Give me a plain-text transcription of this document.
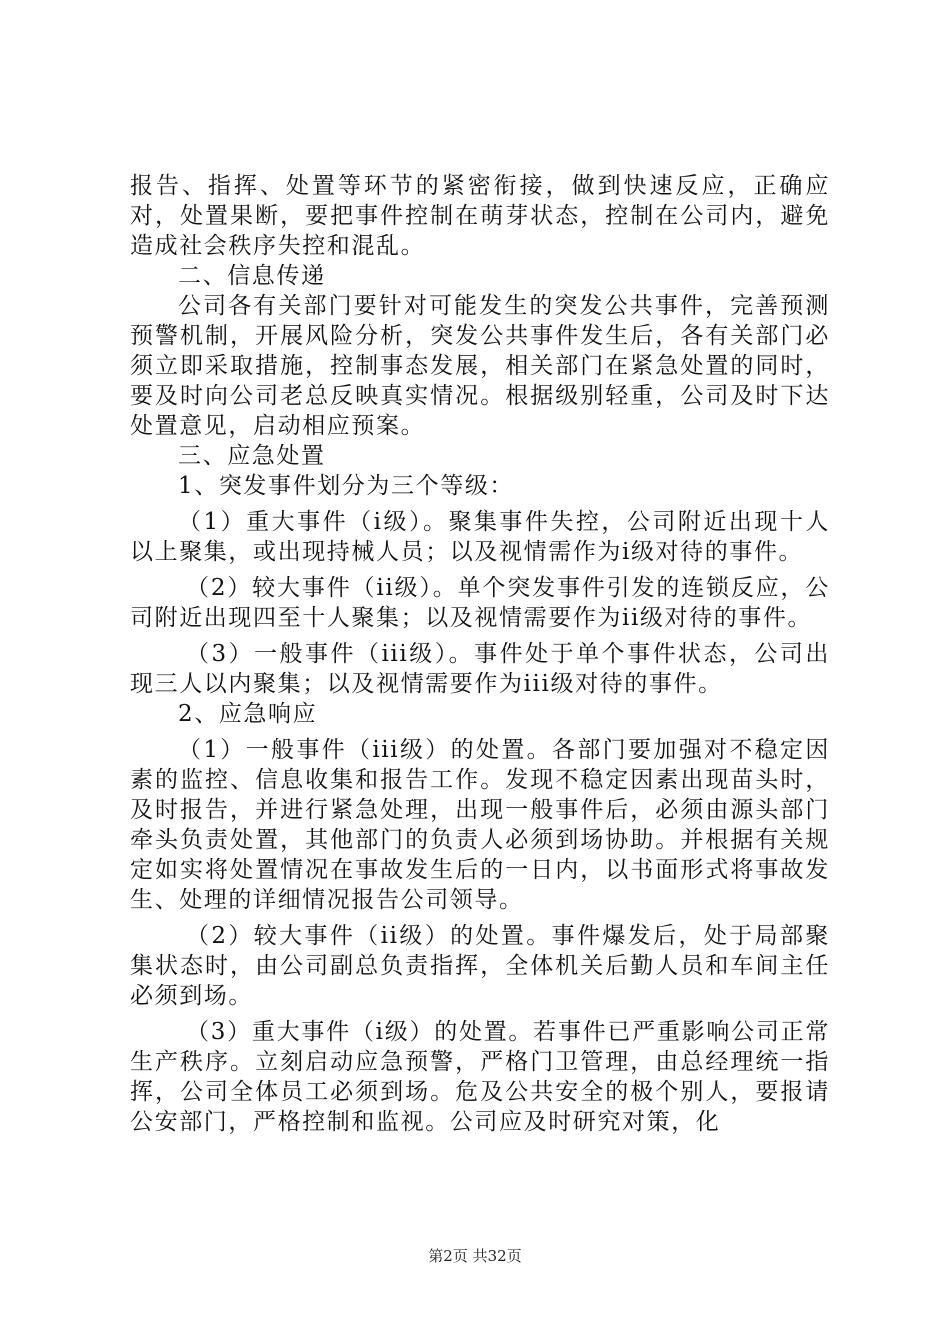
报告、指挥、处置等环节的紧密衔接，做到快速反应，正确应对，处置果断，要把事件控制在萌芽状态，控制在公司内，避免造成社会秩序失控和混乱。

二、信息传递

公司各有关部门要针对可能发生的突发公共事件，完善预测预警机制，开展风险分析，突发公共事件发生后，各有关部门必须立即采取措施，控制事态发展，相关部门在紧急处置的同时，要及时向公司老总反映真实情况。根据级别轻重，公司及时下达处置意见，启动相应预案。

三、应急处置

1、突发事件划分为三个等级：

（1）重大事件（i级）。聚集事件失控，公司附近出现十人以上聚集，或出现持械人员；以及视情需作为i级对待的事件。

（2）较大事件（ii级）。单个突发事件引发的连锁反应，公司附近出现四至十人聚集；以及视情需要作为ii级对待的事件。

（3）一般事件（iii级）。事件处于单个事件状态，公司出现三人以内聚集；以及视情需要作为iii级对待的事件。

2、应急响应

（1）一般事件（iii级）的处置。各部门要加强对不稳定因素的监控、信息收集和报告工作。发现不稳定因素出现苗头时，及时报告，并进行紧急处理，出现一般事件后，必须由源头部门牵头负责处置，其他部门的负责人必须到场协助。并根据有关规定如实将处置情况在事故发生后的一日内，以书面形式将事故发生、处理的详细情况报告公司领导。

（2）较大事件（ii级）的处置。事件爆发后，处于局部聚集状态时，由公司副总负责指挥，全体机关后勤人员和车间主任必须到场。

（3）重大事件（i级）的处置。若事件已严重影响公司正常生产秩序。立刻启动应急预警，严格门卫管理，由总经理统一指挥，公司全体员工必须到场。危及公共安全的极个别人，要报请公安部门，严格控制和监视。公司应及时研究对策，化

第2页 共32页
